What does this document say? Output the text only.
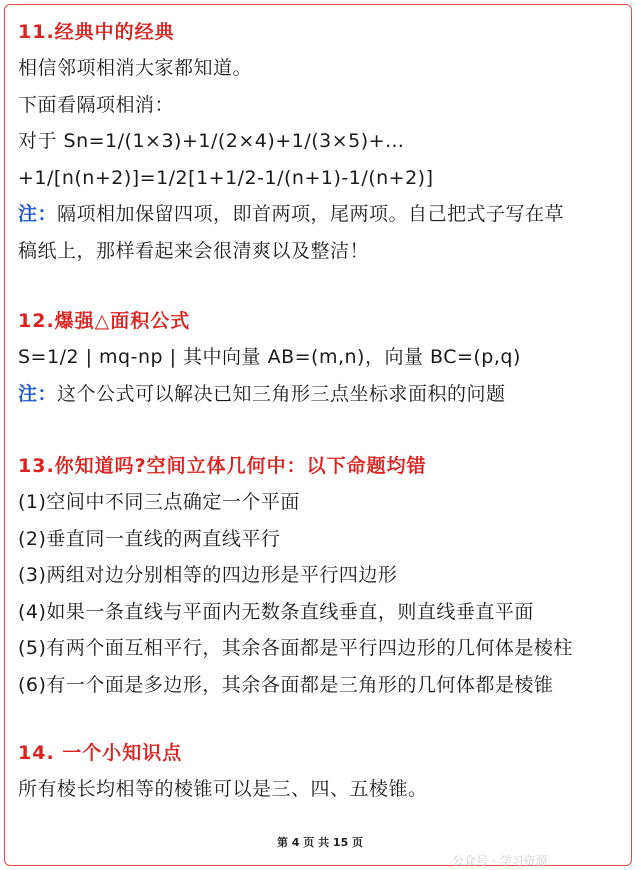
11.经典中的经典
相信邻项相消大家都知道。
下面看隔项相消：
对于 Sn=1/(1×3)+1/(2×4)+1/(3×5)+…
+1/[n(n+2)]=1/2[1+1/2-1/(n+1)-1/(n+2)]
注：隔项相加保留四项，即首两项，尾两项。自己把式子写在草
稿纸上，那样看起来会很清爽以及整洁！
12.爆强△面积公式
S=1/2 | mq-np | 其中向量 AB=(m,n)，向量 BC=(p,q)
注：这个公式可以解决已知三角形三点坐标求面积的问题
13.你知道吗?空间立体几何中：以下命题均错
(1)空间中不同三点确定一个平面
(2)垂直同一直线的两直线平行
(3)两组对边分别相等的四边形是平行四边形
(4)如果一条直线与平面内无数条直线垂直，则直线垂直平面
(5)有两个面互相平行，其余各面都是平行四边形的几何体是棱柱
(6)有一个面是多边形，其余各面都是三角形的几何体都是棱锥
14. 一个小知识点
所有棱长均相等的棱锥可以是三、四、五棱锥。
第 4 页 共 15 页
公众号 · 学习资源
